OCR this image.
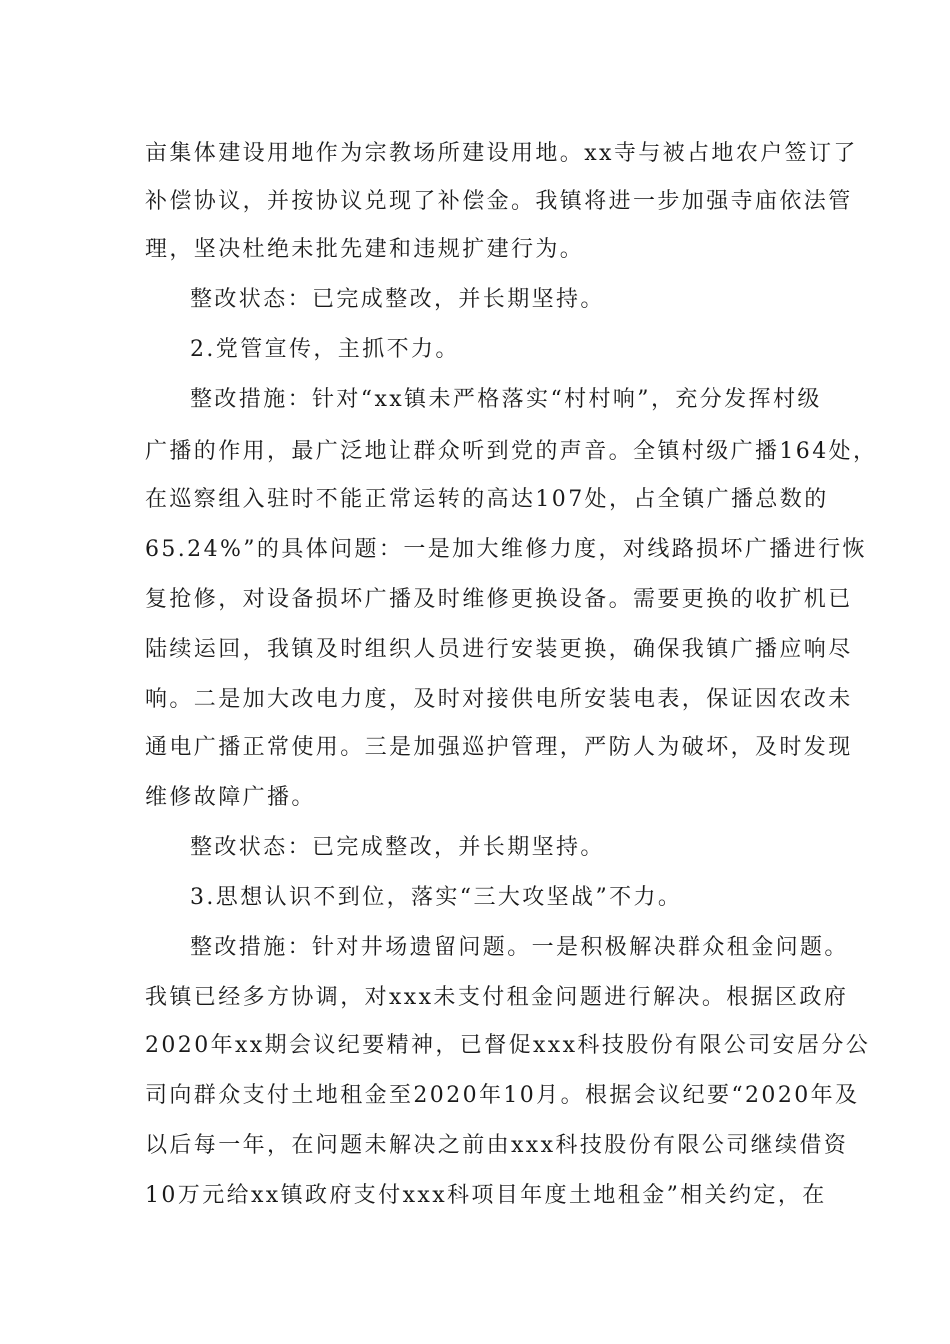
亩集体建设用地作为宗教场所建设用地。xx寺与被占地农户签订了
补偿协议，并按协议兑现了补偿金。我镇将进一步加强寺庙依法管
理，坚决杜绝未批先建和违规扩建行为。
整改状态：已完成整改，并长期坚持。
2.党管宣传，主抓不力。
整改措施：针对“xx镇未严格落实“村村响”，充分发挥村级
广播的作用，最广泛地让群众听到党的声音。全镇村级广播164处，
在巡察组入驻时不能正常运转的高达107处，占全镇广播总数的
65.24%”的具体问题：一是加大维修力度，对线路损坏广播进行恢
复抢修，对设备损坏广播及时维修更换设备。需要更换的收扩机已
陆续运回，我镇及时组织人员进行安装更换，确保我镇广播应响尽
响。二是加大改电力度，及时对接供电所安装电表，保证因农改未
通电广播正常使用。三是加强巡护管理，严防人为破坏，及时发现
维修故障广播。
整改状态：已完成整改，并长期坚持。
3.思想认识不到位，落实“三大攻坚战”不力。
整改措施：针对井场遗留问题。一是积极解决群众租金问题。
我镇已经多方协调，对xxx未支付租金问题进行解决。根据区政府
2020年xx期会议纪要精神，已督促xxx科技股份有限公司安居分公
司向群众支付土地租金至2020年10月。根据会议纪要“2020年及
以后每一年，在问题未解决之前由xxx科技股份有限公司继续借资
10万元给xx镇政府支付xxx科项目年度土地租金”相关约定，在
